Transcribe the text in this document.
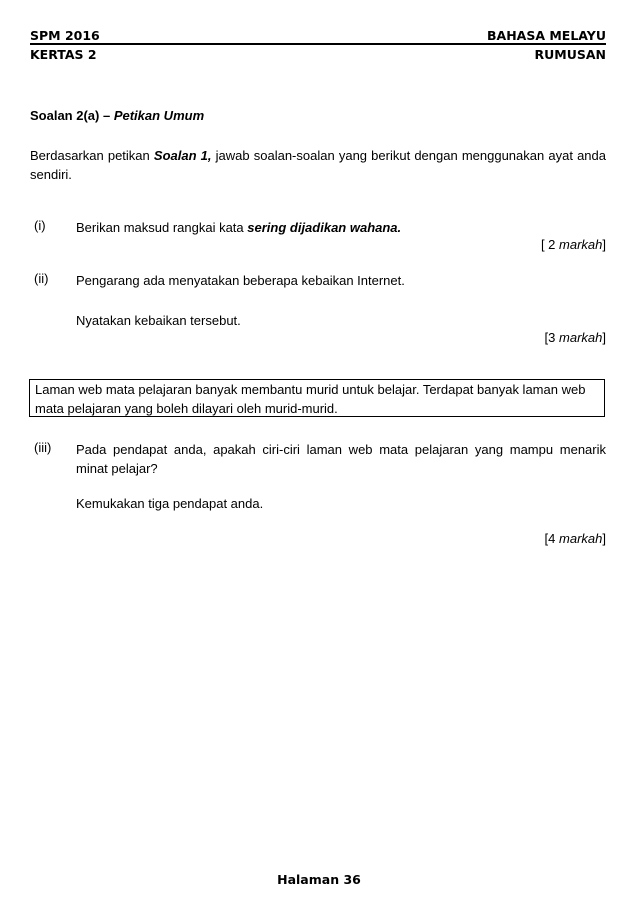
SPM 2016	BAHASA MELAYU
KERTAS 2	RUMUSAN
Soalan 2(a) – Petikan Umum
Berdasarkan petikan Soalan 1, jawab soalan-soalan yang berikut dengan menggunakan ayat anda sendiri.
(i) Berikan maksud rangkai kata sering dijadikan wahana.
[ 2 markah]
(ii) Pengarang ada menyatakan beberapa kebaikan Internet.
Nyatakan kebaikan tersebut.
[3 markah]
Laman web mata pelajaran banyak membantu murid untuk belajar. Terdapat banyak laman web mata pelajaran yang boleh dilayari oleh murid-murid.
(iii) Pada pendapat anda, apakah ciri-ciri laman web mata pelajaran yang mampu menarik minat pelajar?
Kemukakan tiga pendapat anda.
[4 markah]
Halaman 36
